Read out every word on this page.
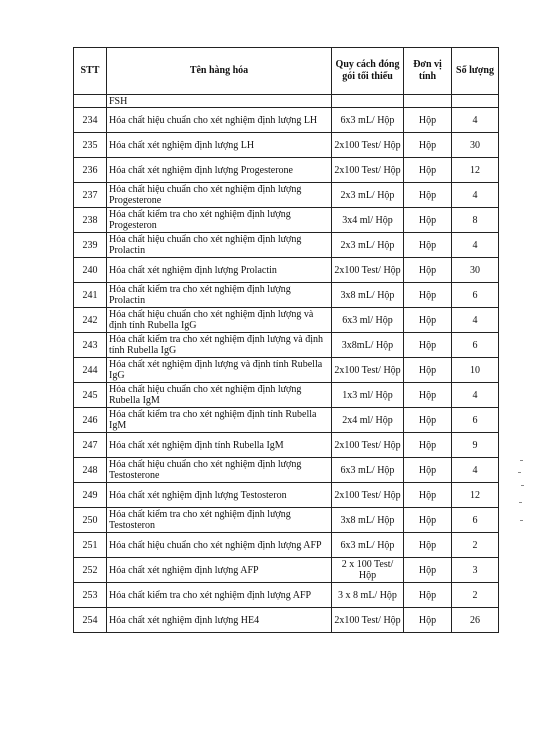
STT	Tên hàng hóa	Quy cách đóng gói tối thiểu	Đơn vị tính	Số lượng
	FSH			
234	Hóa chất hiệu chuẩn cho xét nghiệm định lượng LH	6x3 mL/ Hộp	Hộp	4
235	Hóa chất xét nghiệm định lượng LH	2x100 Test/ Hộp	Hộp	30
236	Hóa chất xét nghiệm định lượng Progesterone	2x100 Test/ Hộp	Hộp	12
237	Hóa chất hiệu chuẩn cho xét nghiệm định lượng Progesterone	2x3 mL/ Hộp	Hộp	4
238	Hóa chất kiểm tra cho xét nghiệm định lượng Progesteron	3x4 ml/ Hộp	Hộp	8
239	Hóa chất hiệu chuẩn cho xét nghiệm định lượng Prolactin	2x3 mL/ Hộp	Hộp	4
240	Hóa chất xét nghiệm định lượng Prolactin	2x100 Test/ Hộp	Hộp	30
241	Hóa chất kiểm tra cho xét nghiệm định lượng Prolactin	3x8 mL/ Hộp	Hộp	6
242	Hóa chất hiệu chuẩn cho xét nghiệm định lượng và định tính Rubella IgG	6x3 ml/ Hộp	Hộp	4
243	Hóa chất kiểm tra cho xét nghiệm định lượng và định tính Rubella IgG	3x8mL/ Hộp	Hộp	6
244	Hóa chất xét nghiệm định lượng và định tính Rubella IgG	2x100 Test/ Hộp	Hộp	10
245	Hóa chất hiệu chuẩn cho xét nghiệm định lượng Rubella IgM	1x3 ml/ Hộp	Hộp	4
246	Hóa chất kiểm tra cho xét nghiệm định tính Rubella IgM	2x4 ml/ Hộp	Hộp	6
247	Hóa chất xét nghiệm định tính Rubella IgM	2x100 Test/ Hộp	Hộp	9
248	Hóa chất hiệu chuẩn cho xét nghiệm định lượng Testosterone	6x3 mL/ Hộp	Hộp	4
249	Hóa chất xét nghiệm định lượng Testosteron	2x100 Test/ Hộp	Hộp	12
250	Hóa chất kiểm tra cho xét nghiệm định lượng Testosteron	3x8 mL/ Hộp	Hộp	6
251	Hóa chất hiệu chuẩn cho xét nghiệm định lượng AFP	6x3 mL/ Hộp	Hộp	2
252	Hóa chất xét nghiệm định lượng AFP	2 x 100 Test/ Hộp	Hộp	3
253	Hóa chất kiểm tra cho xét nghiệm định lượng AFP	3 x 8 mL/ Hộp	Hộp	2
254	Hóa chất xét nghiệm định lượng HE4	2x100 Test/ Hộp	Hộp	26
